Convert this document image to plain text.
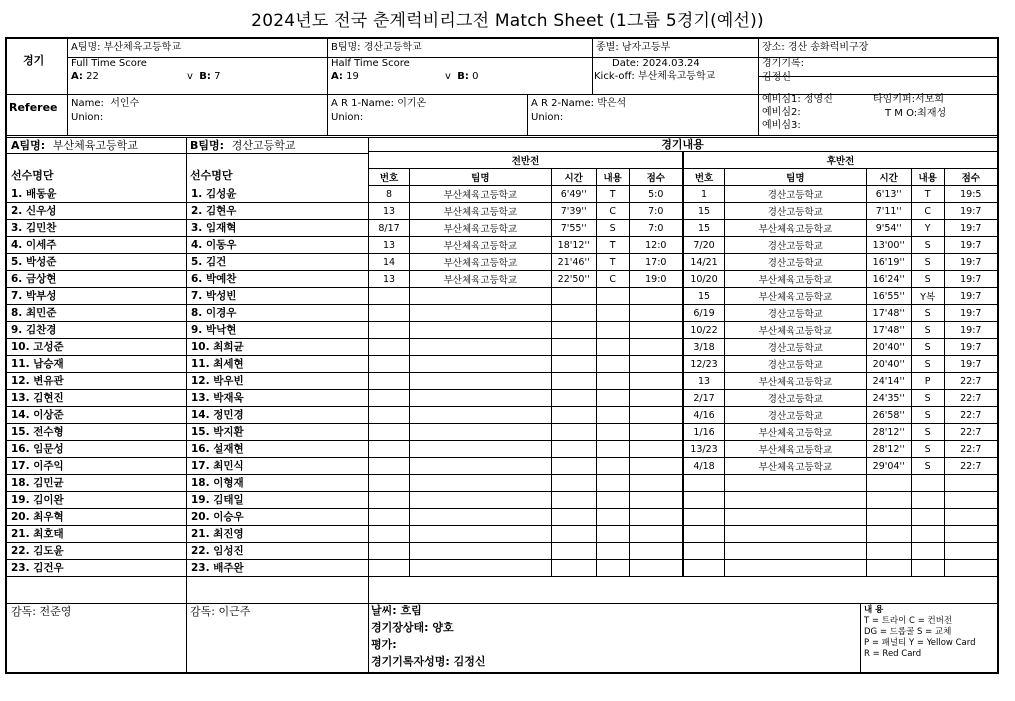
2024년도 전국 춘계럭비리그전 Match Sheet (1그룹 5경기(예선))
경기
A팀명: 부산체육고등학교	B팀명: 경산고등학교	종별: 남자고등부	장소: 경산 송화럭비구장
Full Time Score
A: 22	v B: 7
Half Time Score
A: 19	v B: 0
Date: 2024.03.24
Kick-off: 부산체육고등학교
경기기록:
김정신
Referee Name: 서인수
Union:
A R 1-Name: 이기온
Union:
A R 2-Name: 박은석
Union:
예비심1: 정영진
예비심2:
예비심3:
타임키퍼:서보희
T M O:최재성
A팀명: 부산체육고등학교	B팀명: 경산고등학교
선수명단	선수명단
1. 배동윤
2. 신우성
3. 김민찬
4. 이세주
5. 박성준
6. 금상현
7. 박부성
8. 최민준
9. 김찬경
10. 고성준
11. 남승재
12. 변유관
13. 김현진
14. 이상준
15. 전수형
16. 임문성
17. 이주익
18. 김민균
19. 김이완
20. 최우혁
21. 최호태
22. 김도윤
23. 김건우
1. 김성윤
2. 김현우
3. 임재혁
4. 이동우
5. 김건
6. 박예찬
7. 박성빈
8. 이경우
9. 박낙현
10. 최희균
11. 최세현
12. 박우빈
13. 박재욱
14. 정민경
15. 박지환
16. 설재현
17. 최민식
18. 이형재
19. 김태일
20. 이승우
21. 최진영
22. 임성진
23. 배주완
경기내용
전반전				
번호	팀명	시간	내용	점수
8	부산체육고등학교	6'49''	T	5:0
13	부산체육고등학교	7'39''	C	7:0
8/17	부산체육고등학교	7'55''	S	7:0
13	부산체육고등학교	18'12''	T	12:0
14	부산체육고등학교	21'46''	T	17:0
13	부산체육고등학교	22'50''	C	19:0

후반전				
번호	팀명	시간	내용	점수
1	경산고등학교	6'13''	T	19:5
15	경산고등학교	7'11''	C	19:7
15	부산체육고등학교	9'54''	Y	19:7
7/20	경산고등학교	13'00''	S	19:7
14/21	경산고등학교	16'19''	S	19:7
10/20	부산체육고등학교	16'24''	S	19:7
15	부산체육고등학교	16'55''	Y복	19:7
6/19	경산고등학교	17'48''	S	19:7
10/22	부산체육고등학교	17'48''	S	19:7
3/18	경산고등학교	20'40''	S	19:7
12/23	경산고등학교	20'40''	S	19:7
13	부산체육고등학교	24'14''	P	22:7
2/17	경산고등학교	24'35''	S	22:7
4/16	경산고등학교	26'58''	S	22:7
1/16	부산체육고등학교	28'12''	S	22:7
13/23	부산체육고등학교	28'12''	S	22:7
4/18	부산체육고등학교	29'04''	S	22:7

감독: 전준영	감독: 이근주	날씨: 흐림
경기장상태: 양호
평가:
경기기록자성명: 김정신
내 용
T = 트라이 C = 컨버전
DG = 드롭골 S = 교체
P = 패널티 Y = Yellow Card
R = Red Card
